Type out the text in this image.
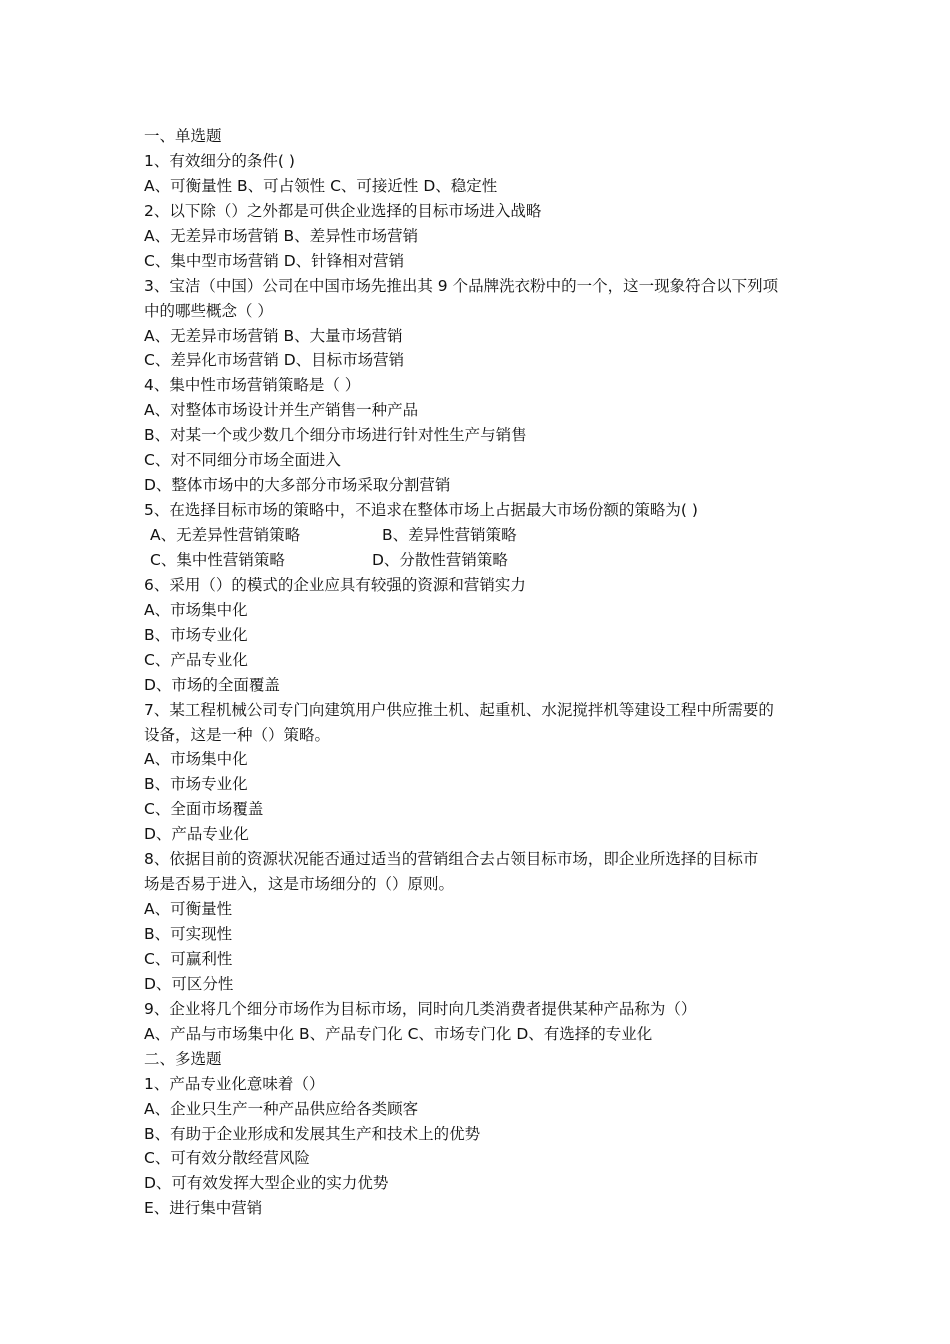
一、单选题
1、有效细分的条件( )
A、可衡量性 B、可占领性 C、可接近性 D、稳定性
2、以下除（）之外都是可供企业选择的目标市场进入战略
A、无差异市场营销 B、差异性市场营销
C、集中型市场营销 D、针锋相对营销
3、宝洁（中国）公司在中国市场先推出其 9 个品牌洗衣粉中的一个，这一现象符合以下列项
中的哪些概念（ ）
A、无差异市场营销 B、大量市场营销
C、差异化市场营销 D、目标市场营销
4、集中性市场营销策略是（ ）
A、对整体市场设计并生产销售一种产品
B、对某一个或少数几个细分市场进行针对性生产与销售
C、对不同细分市场全面进入
D、整体市场中的大多部分市场采取分割营销
5、在选择目标市场的策略中，不追求在整体市场上占据最大市场份额的策略为( )
A、无差异性营销策略	B、差异性营销策略
C、集中性营销策略	D、分散性营销策略
6、采用（）的模式的企业应具有较强的资源和营销实力
A、市场集中化
B、市场专业化
C、产品专业化
D、市场的全面覆盖
7、某工程机械公司专门向建筑用户供应推土机、起重机、水泥搅拌机等建设工程中所需要的
设备，这是一种（）策略。
A、市场集中化
B、市场专业化
C、全面市场覆盖
D、产品专业化
8、依据目前的资源状况能否通过适当的营销组合去占领目标市场，即企业所选择的目标市
场是否易于进入，这是市场细分的（）原则。
A、可衡量性
B、可实现性
C、可赢利性
D、可区分性
9、企业将几个细分市场作为目标市场，同时向几类消费者提供某种产品称为（）
A、产品与市场集中化 B、产品专门化 C、市场专门化 D、有选择的专业化
二、多选题
1、产品专业化意味着（）
A、企业只生产一种产品供应给各类顾客
B、有助于企业形成和发展其生产和技术上的优势
C、可有效分散经营风险
D、可有效发挥大型企业的实力优势
E、进行集中营销
